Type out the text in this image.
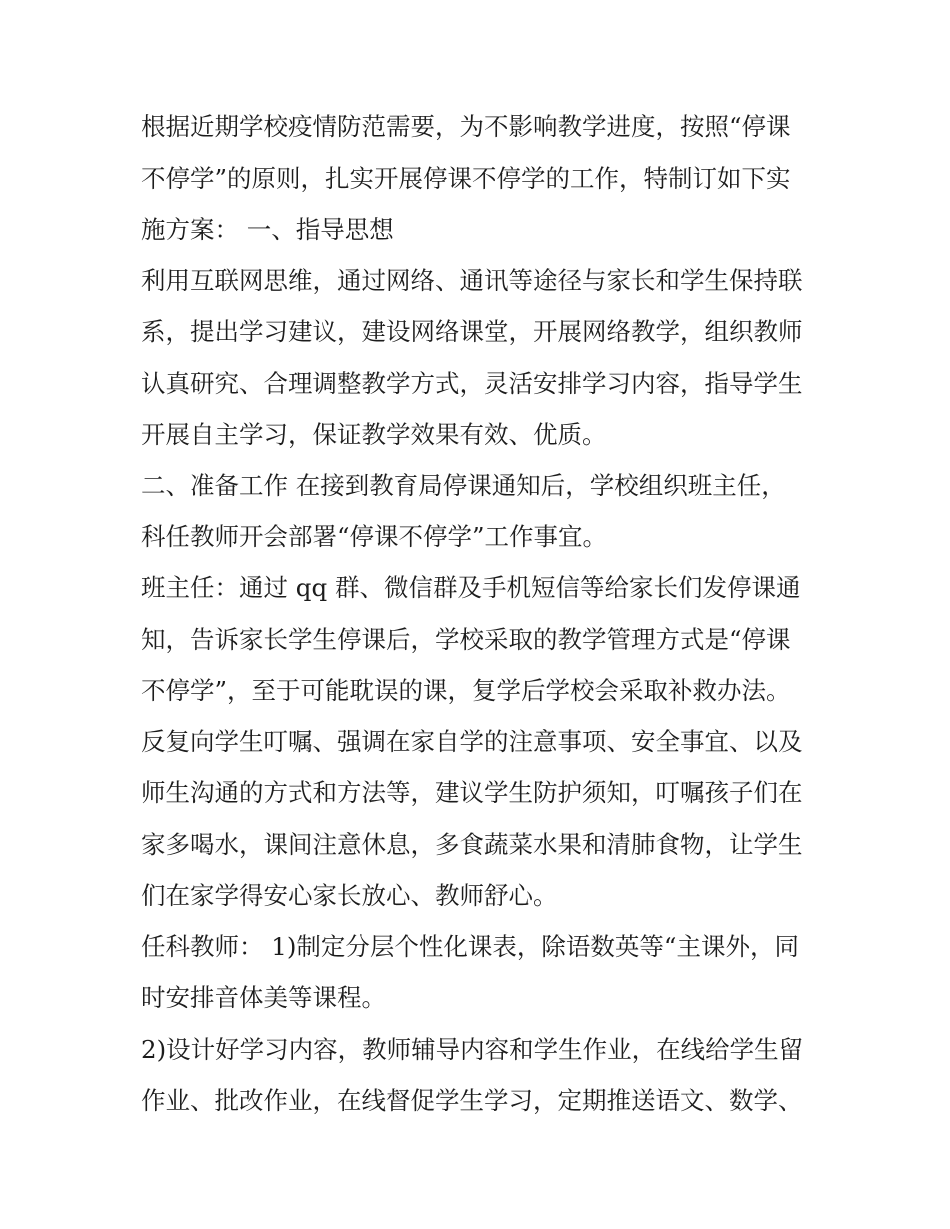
根据近期学校疫情防范需要，为不影响教学进度，按照“停课
不停学”的原则，扎实开展停课不停学的工作，特制订如下实
施方案： 一、指导思想
利用互联网思维，通过网络、通讯等途径与家长和学生保持联
系，提出学习建议，建设网络课堂，开展网络教学，组织教师
认真研究、合理调整教学方式，灵活安排学习内容，指导学生
开展自主学习，保证教学效果有效、优质。
二、准备工作 在接到教育局停课通知后，学校组织班主任，
科任教师开会部署“停课不停学”工作事宜。
班主任：通过 qq 群、微信群及手机短信等给家长们发停课通
知，告诉家长学生停课后，学校采取的教学管理方式是“停课
不停学”，至于可能耽误的课，复学后学校会采取补救办法。
反复向学生叮嘱、强调在家自学的注意事项、安全事宜、以及
师生沟通的方式和方法等，建议学生防护须知，叮嘱孩子们在
家多喝水，课间注意休息，多食蔬菜水果和清肺食物，让学生
们在家学得安心家长放心、教师舒心。
任科教师： 1)制定分层个性化课表，除语数英等“主课外，同
时安排音体美等课程。
2)设计好学习内容，教师辅导内容和学生作业，在线给学生留
作业、批改作业，在线督促学生学习，定期推送语文、数学、
